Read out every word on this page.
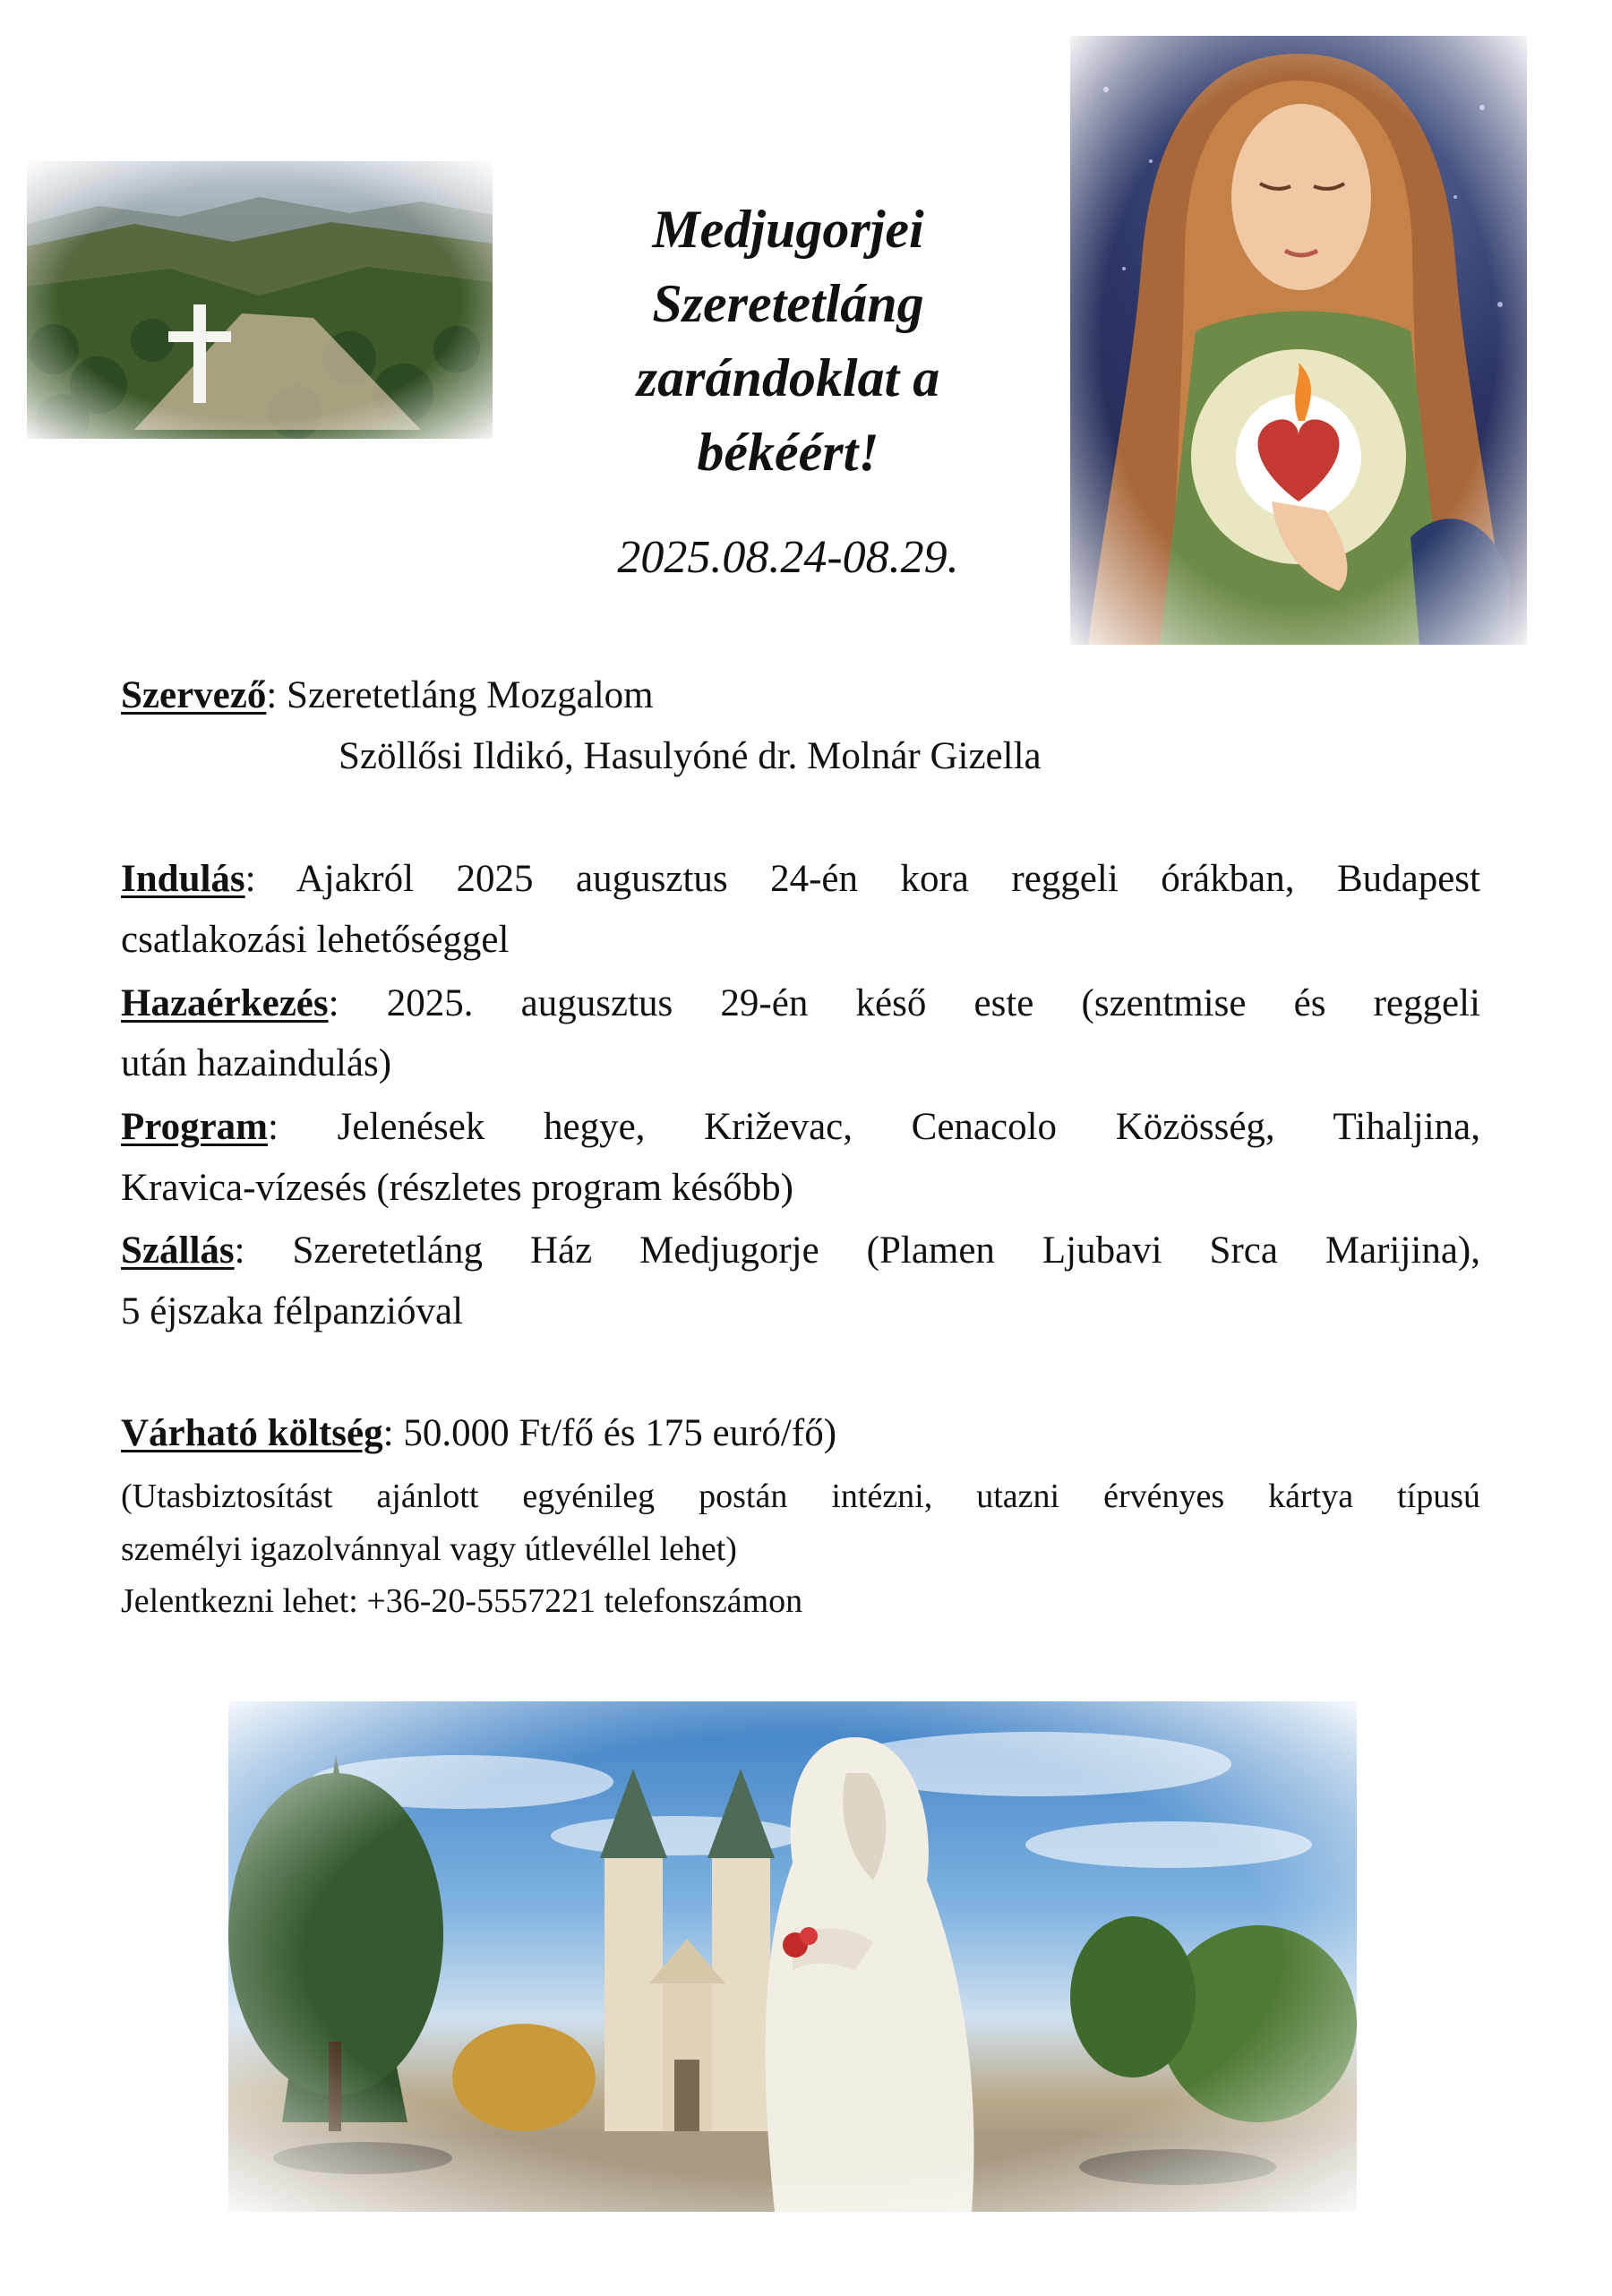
Medjugorjei
Szeretetláng
zarándoklat a
békéért!
2025.08.24-08.29.
Szervező: Szeretetláng Mozgalom
Szöllősi Ildikó, Hasulyóné dr. Molnár Gizella
Indulás: Ajakról 2025 augusztus 24-én kora reggeli órákban, Budapest
csatlakozási lehetőséggel
Hazaérkezés: 2025. augusztus 29-én késő este (szentmise és reggeli
után hazaindulás)
Program: Jelenések hegye, Križevac, Cenacolo Közösség, Tihaljina,
Kravica-vízesés (részletes program később)
Szállás: Szeretetláng Ház Medjugorje (Plamen Ljubavi Srca Marijina),
5 éjszaka félpanzióval
Várható költség: 50.000 Ft/fő és 175 euró/fő)
(Utasbiztosítást ajánlott egyénileg postán intézni, utazni érvényes kártya típusú
személyi igazolvánnyal vagy útlevéllel lehet)
Jelentkezni lehet: +36-20-5557221 telefonszámon
